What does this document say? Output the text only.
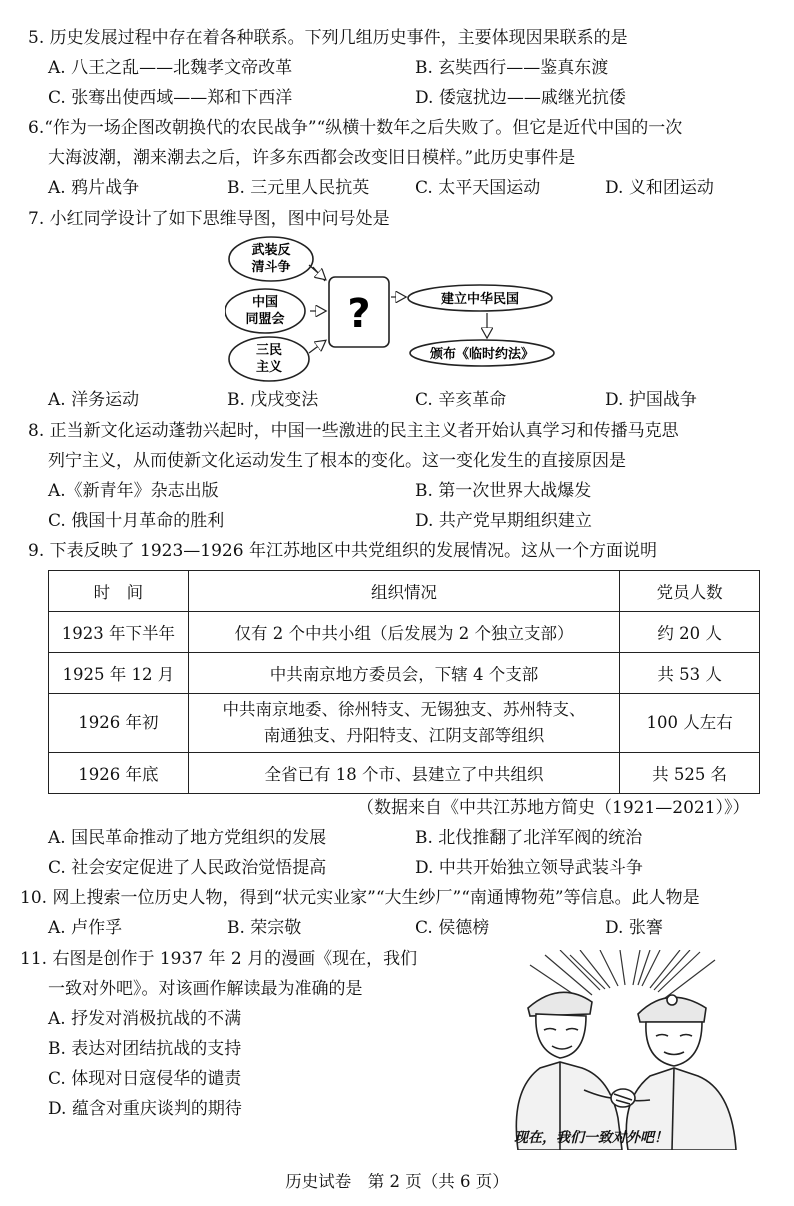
5. 历史发展过程中存在着各种联系。下列几组历史事件，主要体现因果联系的是
A. 八王之乱——北魏孝文帝改革	B. 玄奘西行——鉴真东渡
C. 张骞出使西域——郑和下西洋	D. 倭寇扰边——戚继光抗倭
6.“作为一场企图改朝换代的农民战争”“纵横十数年之后失败了。但它是近代中国的一次
大海波潮，潮来潮去之后，许多东西都会改变旧日模样。”此历史事件是
A. 鸦片战争	B. 三元里人民抗英	C. 太平天国运动	D. 义和团运动
7. 小红同学设计了如下思维导图，图中问号处是
武装反
清斗争
中国
同盟会
三民
主义
?	建立中华民国
颁布《临时约法》
A. 洋务运动	B. 戊戌变法	C. 辛亥革命	D. 护国战争
8. 正当新文化运动蓬勃兴起时，中国一些激进的民主主义者开始认真学习和传播马克思
列宁主义，从而使新文化运动发生了根本的变化。这一变化发生的直接原因是
A.《新青年》杂志出版	B. 第一次世界大战爆发
C. 俄国十月革命的胜利	D. 共产党早期组织建立
9. 下表反映了 1923—1926 年江苏地区中共党组织的发展情况。这从一个方面说明
时　间	组织情况	党员人数
1923 年下半年	仅有 2 个中共小组（后发展为 2 个独立支部）	约 20 人
1925 年 12 月	中共南京地方委员会，下辖 4 个支部	共 53 人
1926 年初	中共南京地委、徐州特支、无锡独支、苏州特支、
南通独支、丹阳特支、江阴支部等组织	100 人左右
1926 年底	全省已有 18 个市、县建立了中共组织	共 525 名
（数据来自《中共江苏地方简史（1921—2021）》）
A. 国民革命推动了地方党组织的发展	B. 北伐推翻了北洋军阀的统治
C. 社会安定促进了人民政治觉悟提高	D. 中共开始独立领导武装斗争
10. 网上搜索一位历史人物，得到“状元实业家”“大生纱厂”“南通博物苑”等信息。此人物是
A. 卢作孚	B. 荣宗敬	C. 侯德榜	D. 张謇
11. 右图是创作于 1937 年 2 月的漫画《现在，我们
一致对外吧》。对该画作解读最为准确的是
A. 抒发对消极抗战的不满
B. 表达对团结抗战的支持
C. 体现对日寇侵华的谴责
D. 蕴含对重庆谈判的期待
现在，我们一致对外吧！
历史试卷　第 2 页（共 6 页）
